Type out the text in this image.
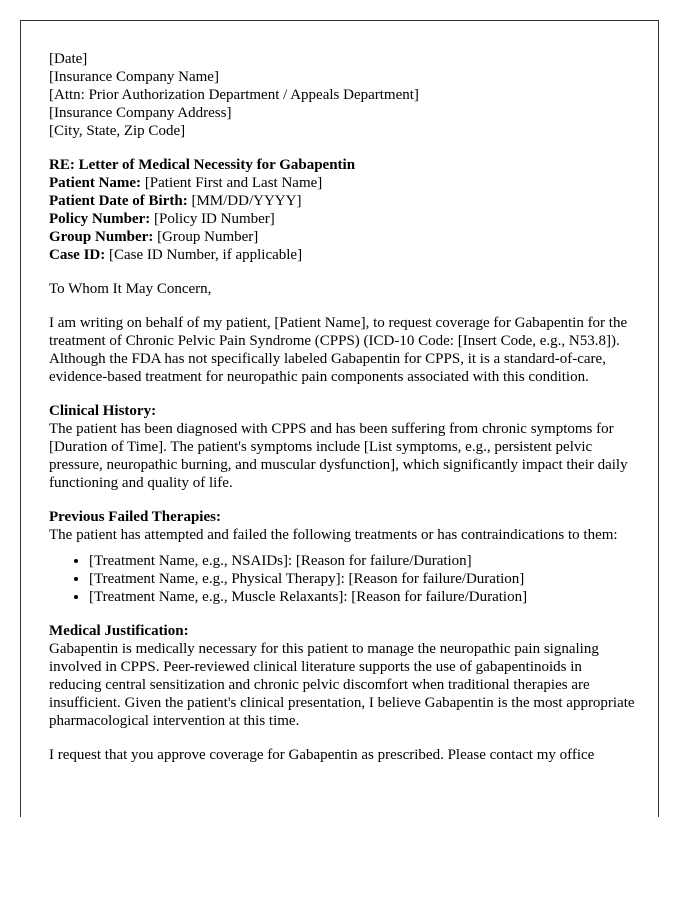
[Date]
[Insurance Company Name]
[Attn: Prior Authorization Department / Appeals Department]
[Insurance Company Address]
[City, State, Zip Code]

RE: Letter of Medical Necessity for Gabapentin
Patient Name: [Patient First and Last Name]
Patient Date of Birth: [MM/DD/YYYY]
Policy Number: [Policy ID Number]
Group Number: [Group Number]
Case ID: [Case ID Number, if applicable]

To Whom It May Concern,

I am writing on behalf of my patient, [Patient Name], to request coverage for Gabapentin for the treatment of Chronic Pelvic Pain Syndrome (CPPS) (ICD-10 Code: [Insert Code, e.g., N53.8]). Although the FDA has not specifically labeled Gabapentin for CPPS, it is a standard-of-care, evidence-based treatment for neuropathic pain components associated with this condition.

Clinical History:
The patient has been diagnosed with CPPS and has been suffering from chronic symptoms for [Duration of Time]. The patient's symptoms include [List symptoms, e.g., persistent pelvic pressure, neuropathic burning, and muscular dysfunction], which significantly impact their daily functioning and quality of life.

Previous Failed Therapies:
The patient has attempted and failed the following treatments or has contraindications to them:

• [Treatment Name, e.g., NSAIDs]: [Reason for failure/Duration]
• [Treatment Name, e.g., Physical Therapy]: [Reason for failure/Duration]
• [Treatment Name, e.g., Muscle Relaxants]: [Reason for failure/Duration]

Medical Justification:
Gabapentin is medically necessary for this patient to manage the neuropathic pain signaling involved in CPPS. Peer-reviewed clinical literature supports the use of gabapentinoids in reducing central sensitization and chronic pelvic discomfort when traditional therapies are insufficient. Given the patient's clinical presentation, I believe Gabapentin is the most appropriate pharmacological intervention at this time.

I request that you approve coverage for Gabapentin as prescribed. Please contact my office
